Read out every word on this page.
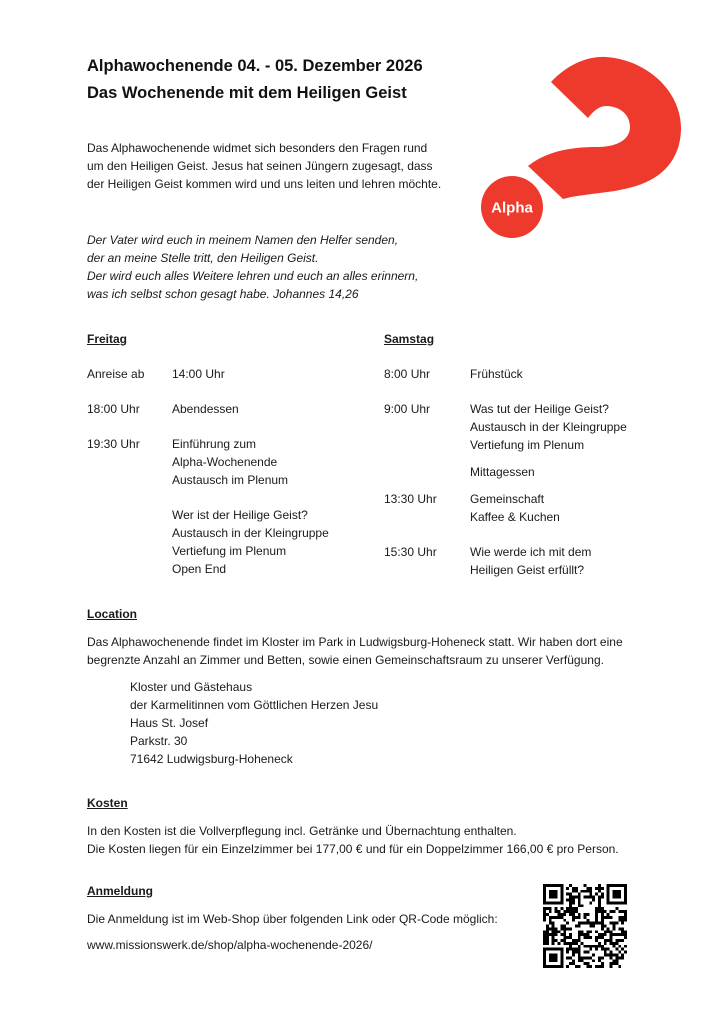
Alphawochenende 04. - 05. Dezember 2026
Das Wochenende mit dem Heiligen Geist
Alpha
Das Alphawochenende widmet sich besonders den Fragen rund
um den Heiligen Geist. Jesus hat seinen Jüngern zugesagt, dass
der Heiligen Geist kommen wird und uns leiten und lehren möchte.
Der Vater wird euch in meinem Namen den Helfer senden,
der an meine Stelle tritt, den Heiligen Geist.
Der wird euch alles Weitere lehren und euch an alles erinnern,
was ich selbst schon gesagt habe. Johannes 14,26
Freitag
Anreise ab 14:00 Uhr
18:00 Uhr	Abendessen
19:30 Uhr	Einführung zum
Alpha-Wochenende
Austausch im Plenum
Wer ist der Heilige Geist?
Austausch in der Kleingruppe
Vertiefung im Plenum
Open End
Samstag
8:00 Uhr	Frühstück
9:00 Uhr	Was tut der Heilige Geist?
Austausch in der Kleingruppe
Vertiefung im Plenum
Mittagessen
13:30 Uhr	Gemeinschaft
Kaffee & Kuchen
15:30 Uhr	Wie werde ich mit dem
Heiligen Geist erfüllt?
Location
Das Alphawochenende findet im Kloster im Park in Ludwigsburg-Hoheneck statt. Wir haben dort eine
begrenzte Anzahl an Zimmer und Betten, sowie einen Gemeinschaftsraum zu unserer Verfügung.
Kloster und Gästehaus
der Karmelitinnen vom Göttlichen Herzen Jesu
Haus St. Josef
Parkstr. 30
71642 Ludwigsburg-Hoheneck
Kosten
In den Kosten ist die Vollverpflegung incl. Getränke und Übernachtung enthalten.
Die Kosten liegen für ein Einzelzimmer bei 177,00 € und für ein Doppelzimmer 166,00 € pro Person.
Anmeldung
Die Anmeldung ist im Web-Shop über folgenden Link oder QR-Code möglich:
www.missionswerk.de/shop/alpha-wochenende-2026/
